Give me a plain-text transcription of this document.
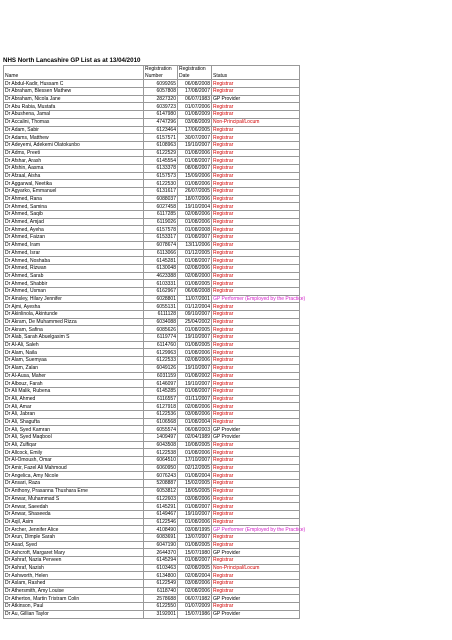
NHS North Lancashire GP List as at 13/04/2010
	Registration	Registration	
Name	Number	Date	Status
Dr Abdul-Kadir, Hussam C	6099265	06/08/2008	Registrar
Dr Abraham, Blessen Mathew	6057808	17/08/2007	Registrar
Dr Abraham, Nicola Jane	2827320	06/07/1983	GP Provider
Dr Abu Rabia, Mustafa	6039723	01/07/2006	Registrar
Dr Abushena, Jamal	6147980	01/08/2009	Registrar
Dr Accalini, Thomas	4747296	03/08/2009	Non-Principal/Locum
Dr Adam, Sabir	6123464	17/06/2005	Registrar
Dr Adams, Matthew	6157571	30/07/2007	Registrar
Dr Adeyemi, Adekemi Olatokunbo	6108963	19/10/2007	Registrar
Dr Adms, Preeti	6122529	01/08/2006	Registrar
Dr Afshar, Arash	6145554	01/08/2007	Registrar
Dr Afshin, Aasma	6133378	08/08/2007	Registrar
Dr Afzaal, Aisha	6157573	15/09/2006	Registrar
Dr Aggarwal, Neetika	6122530	01/08/2006	Registrar
Dr Agyarko, Emmanuel	6131617	26/07/2005	Registrar
Dr Ahmed, Rana	6088037	18/07/2006	Registrar
Dr Ahmed, Samina	6027458	19/10/2004	Registrar
Dr Ahmed, Saqib	6117285	02/08/2006	Registrar
Dr Ahmed, Amjad	6119026	01/08/2006	Registrar
Dr Ahmed, Ayeha	6157578	01/08/2008	Registrar
Dr Ahmed, Faizan	6153317	01/08/2007	Registrar
Dr Ahmed, Iram	6078674	13/11/2006	Registrar
Dr Ahmed, Israr	6113066	01/12/2005	Registrar
Dr Ahmed, Noshaba	6145281	01/08/2007	Registrar
Dr Ahmed, Rizwan	6130048	02/08/2006	Registrar
Dr Ahmed, Sarab	4623388	02/08/2000	Registrar
Dr Ahmed, Shabbir	6103331	01/08/2005	Registrar
Dr Ahmed, Usman	6162967	06/08/2008	Registrar
Dr Ainsley, Hilary Jennifer	6028801	11/07/2001	GP Performer (Employed by the Practice)
Dr Ajmi, Ayesha	6055131	01/12/2004	Registrar
Dr Akinlinola, Akintunde	6111128	09/10/2007	Registrar
Dr Akram, De Muhammed Rizza	6034088	25/04/2002	Registrar
Dr Akram, Safina	6085626	01/08/2005	Registrar
Dr Alab, Sarah Abuelgasim S	6119774	19/10/2007	Registrar
Dr Al-Ali, Saleh	6114760	01/08/2005	Registrar
Dr Alam, Naila	6129963	01/08/2006	Registrar
Dr Alam, Suemyaa	6122533	02/08/2006	Registrar
Dr Alam, Zalan	6049126	19/10/2007	Registrar
Dr Al-Ausa, Maher	6031159	01/08/2002	Registrar
Dr Albouz, Farah	6146097	19/10/2007	Registrar
Dr Ali Malik, Rubena	6145285	01/08/2007	Registrar
Dr Ali, Ahmed	6116557	01/11/2007	Registrar
Dr Ali, Amar	6127918	02/08/2006	Registrar
Dr Ali, Jabran	6122536	03/08/2006	Registrar
Dr Ali, Shagufta	6106568	01/08/2004	Registrar
Dr Ali, Syed Kamran	6055574	06/08/2003	GP Provider
Dr Ali, Syed Maqbool	1409497	02/04/1989	GP Provider
Dr Ali, Zulfiqar	6043508	10/08/2005	Registrar
Dr Allcock, Emily	6122538	01/08/2006	Registrar
Dr Al-Omoush, Omar	6064510	17/10/2007	Registrar
Dr Amir, Fazel Ali Mahmoud	6060950	02/12/2005	Registrar
Dr Angelica, Amy Nicole	6076243	01/08/2004	Registrar
Dr Ansari, Raza	5208887	15/02/2005	Registrar
Dr Anthony, Prasanna Thushara Erne	6053812	18/05/2005	Registrar
Dr Anwar, Muhammad S	6122603	03/08/2006	Registrar
Dr Anwar, Saeedah	6145291	01/08/2007	Registrar
Dr Anwar, Shaseeda	6149467	19/10/2007	Registrar
Dr Aqil, Asim	6122546	01/08/2006	Registrar
Dr Archer, Jennifer Alice	4108490	03/08/1995	GP Performer (Employed by the Practice)
Dr Arun, Dimple Sarah	6083691	13/07/2007	Registrar
Dr Asad, Syed	6047190	01/08/2005	Registrar
Dr Ashcroft, Margaret Mary	2644370	15/07/1980	GP Provider
Dr Ashraf, Nazia Perveen	6145294	01/08/2007	Registrar
Dr Ashraf, Nazish	6103463	02/08/2005	Non-Principal/Locum
Dr Ashworth, Helen	6134800	02/08/2004	Registrar
Dr Aslam, Rashed	6122549	03/08/2006	Registrar
Dr Athersmith, Amy Louise	6118740	02/08/2006	Registrar
Dr Atherton, Martin Tristram Colin	2578688	06/07/1982	GP Provider
Dr Atkinson, Paul	6122550	01/07/2009	Registrar
Dr Au, Gillian Taylor	3192001	15/07/1986	GP Provider
